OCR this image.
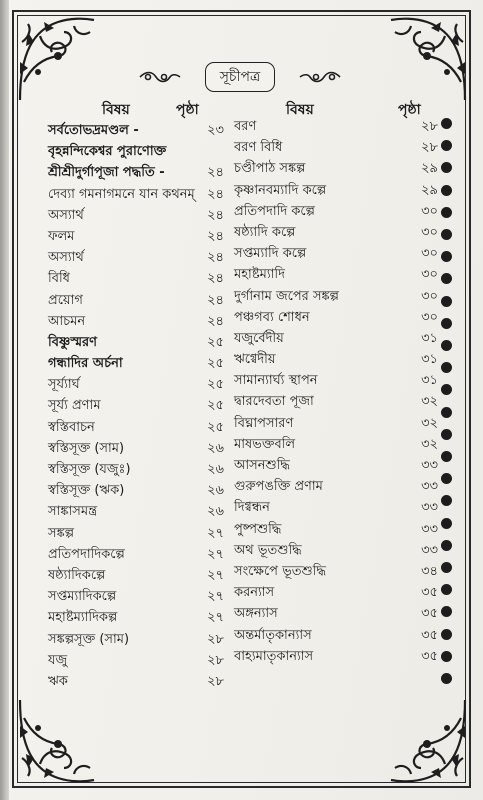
সূচীপত্র
বিষয়	পৃষ্ঠা	বিষয়	পৃষ্ঠা
সর্বতোভদ্রমণ্ডল -	২৩
বৃহন্নন্দিকেশ্বর পুরাণোক্ত
শ্রীশ্রীদুর্গাপূজা পদ্ধতি -	২৪
দেব্যা গমনাগমনে যান কথনম্ ২৪
অস্যার্থ	২৪
ফলম	২৪
অস্যার্থ	২৪
বিধি	২৪
প্রয়োগ	২৪
আচমন	২৪
বিষ্ণুস্মরণ	২৫
গন্ধাদির অর্চনা	২৫
সূর্য্যার্ঘ	২৫
সূর্য্য প্রণাম	২৫
স্বস্তিবাচন	২৫
স্বস্তিসূক্ত (সাম)	২৬
স্বস্তিসূক্ত (যজুঃ)	২৬
স্বস্তিসূক্ত (ঋক)	২৬
সাঙ্কাসমন্ত্র	২৬
সঙ্কল্প	২৭
প্রতিপদাদিকল্পে	২৭
ষষ্ঠ্যাদিকল্পে	২৭
সপ্তম্যাদিকল্পে	২৭
মহাষ্টম্যাদিকল্প	২৭
সঙ্কল্পসূক্ত (সাম)	২৮
যজু	২৮
ঋক	২৮
বরণ	২৮
বরণ বিধি	২৮
চণ্ডীপাঠ সঙ্কল্প	২৯
কৃষ্ণানবম্যাদি কল্পে	২৯
প্রতিপদাদি কল্পে	৩০
ষষ্ঠ্যাদি কল্পে	৩০
সপ্তম্যাদি কল্পে	৩০
মহাষ্টম্যাদি	৩০
দুর্গানাম জপের সঙ্কল্প	৩০
পঞ্চগব্য শোধন	৩০
যজুর্বেদীয়	৩১
ঋগ্বেদীয়	৩১
সামান্যার্ঘ্য স্থাপন	৩১
দ্বারদেবতা পূজা	৩২
বিঘ্নাপসারণ	৩২
মাষভক্তবলি	৩২
আসনশুদ্ধি	৩৩
গুরুপঙক্তি প্রণাম	৩৩
দিগ্বন্ধন	৩৩
পুষ্পশুদ্ধি	৩৩
অথ ভূতশুদ্ধি	৩৩
সংক্ষেপে ভূতশুদ্ধি	৩৪
করন্যাস	৩৫
অঙ্গন্যাস	৩৫
অন্তর্মাতৃকান্যাস	৩৫
বাহ্যমাতৃকান্যাস	৩৫
